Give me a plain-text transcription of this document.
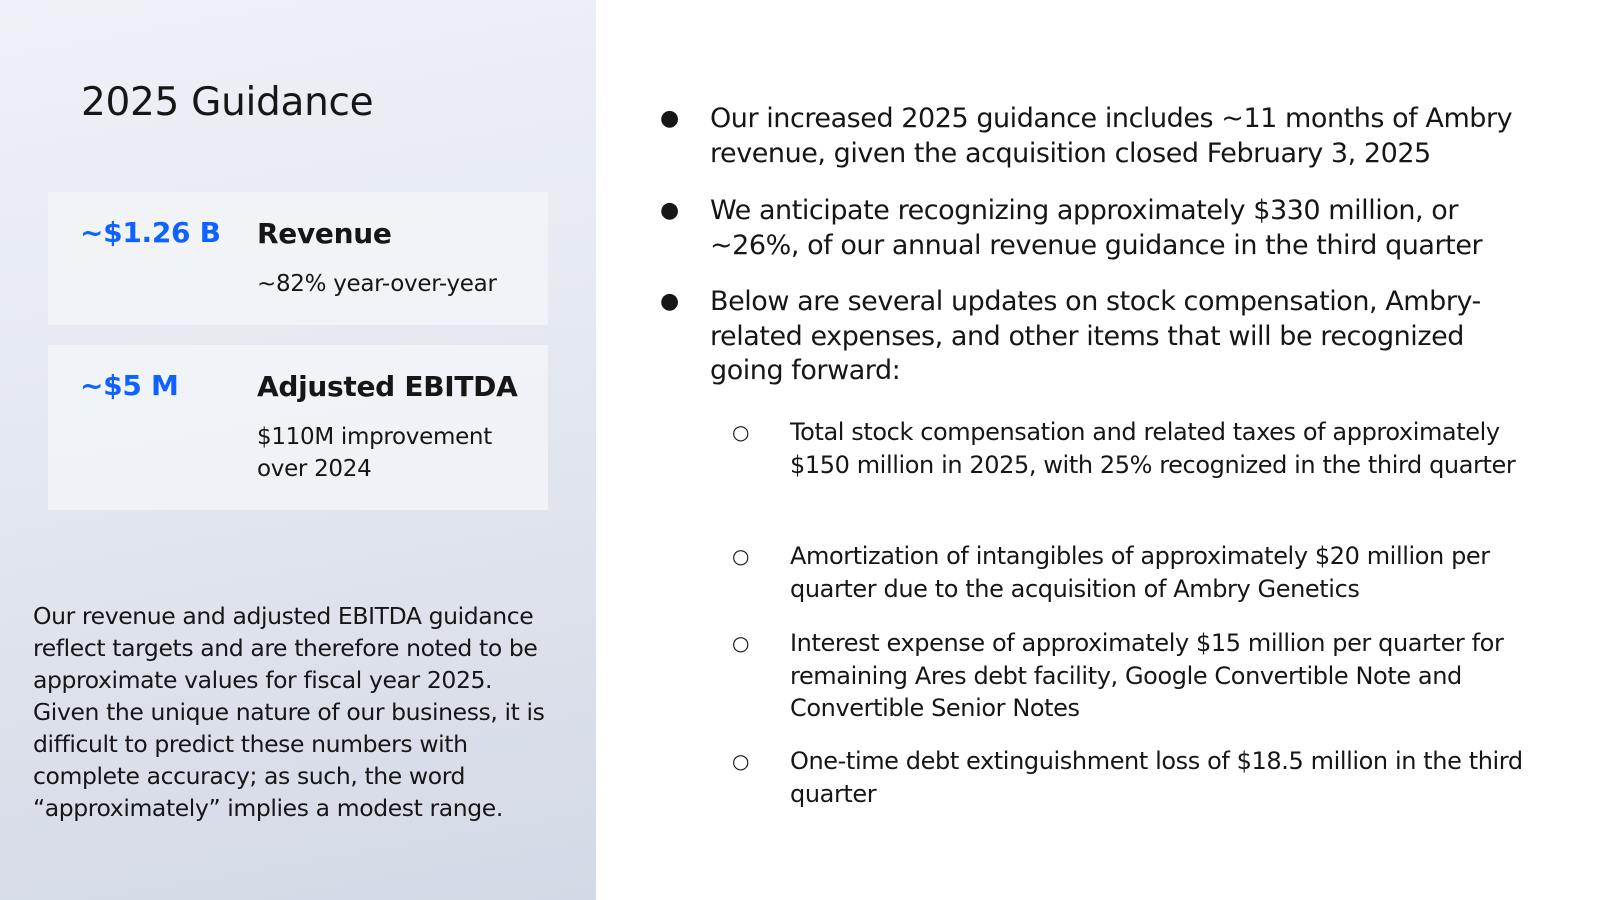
2025 Guidance
~$1.26 B Revenue
~82% year-over-year
~$5 M	Adjusted EBITDA
$110M improvement over 2024
Our revenue and adjusted EBITDA guidance reflect targets and are therefore noted to be approximate values for fiscal year 2025. Given the unique nature of our business, it is difficult to predict these numbers with complete accuracy; as such, the word “approximately” implies a modest range.
● Our increased 2025 guidance includes ~11 months of Ambry revenue, given the acquisition closed February 3, 2025
● We anticipate recognizing approximately $330 million, or ~26%, of our annual revenue guidance in the third quarter
● Below are several updates on stock compensation, Ambry-related expenses, and other items that will be recognized going forward:
○ Total stock compensation and related taxes of approximately $150 million in 2025, with 25% recognized in the third quarter
○ Amortization of intangibles of approximately $20 million per quarter due to the acquisition of Ambry Genetics
○ Interest expense of approximately $15 million per quarter for remaining Ares debt facility, Google Convertible Note and Convertible Senior Notes
○ One-time debt extinguishment loss of $18.5 million in the third quarter
